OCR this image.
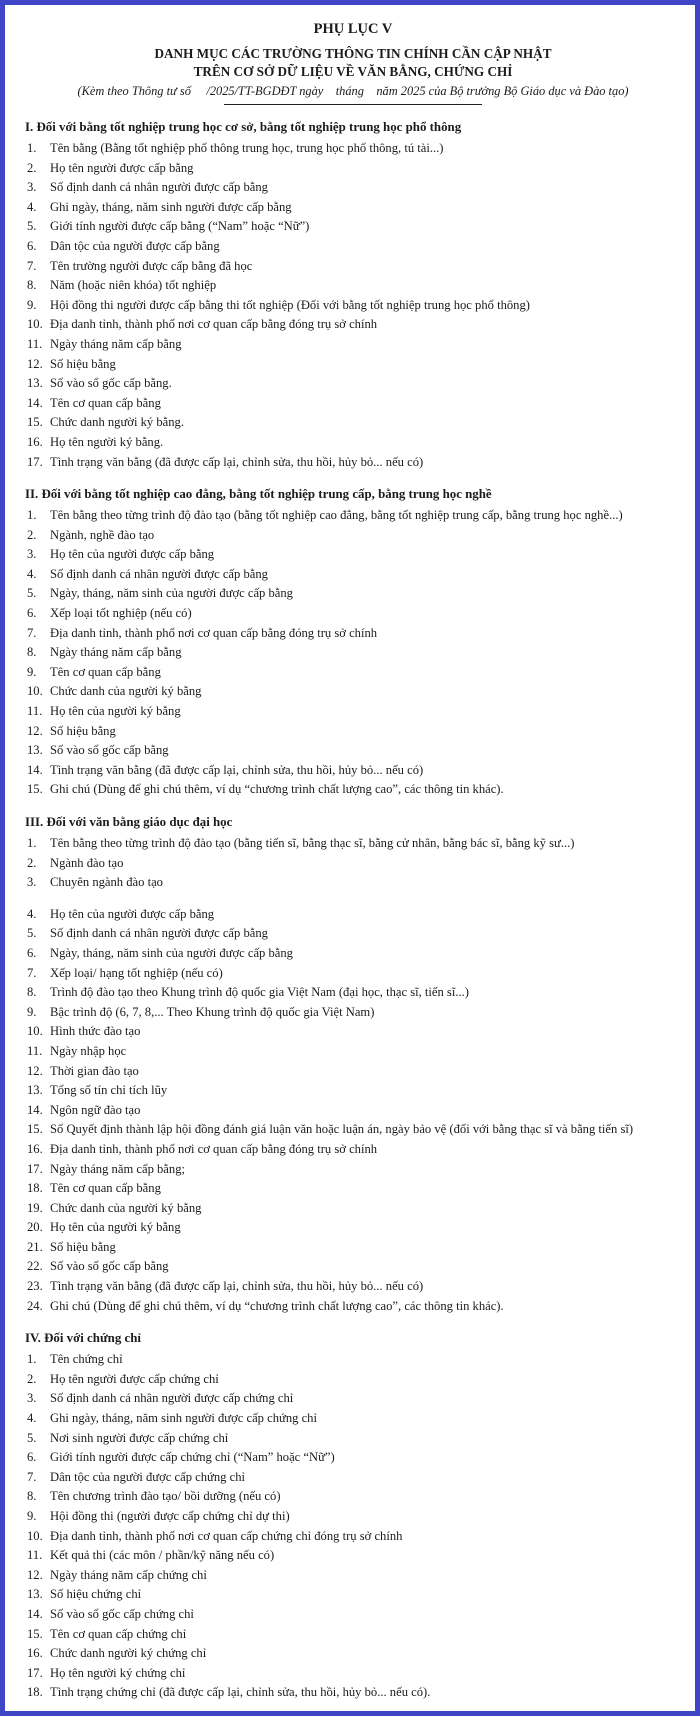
PHỤ LỤC V
DANH MỤC CÁC TRƯỜNG THÔNG TIN CHÍNH CẦN CẬP NHẬT
TRÊN CƠ SỞ DỮ LIỆU VỀ VĂN BẰNG, CHỨNG CHỈ
(Kèm theo Thông tư số     /2025/TT-BGDĐT ngày    tháng    năm 2025 của Bộ trưởng Bộ Giáo dục và Đào tạo)
I. Đối với bằng tốt nghiệp trung học cơ sở, bằng tốt nghiệp trung học phổ thông
1.	Tên bằng (Bằng tốt nghiệp phổ thông trung học, trung học phổ thông, tú tài...)
2.	Họ tên người được cấp bằng
3.	Số định danh cá nhân người được cấp bằng
4.	Ghi ngày, tháng, năm sinh người được cấp bằng
5.	Giới tính người được cấp bằng (“Nam” hoặc “Nữ”)
6.	Dân tộc của người được cấp bằng
7.	Tên trường người được cấp bằng đã học
8.	Năm (hoặc niên khóa) tốt nghiệp
9.	Hội đồng thi người được cấp bằng thi tốt nghiệp (Đối với bằng tốt nghiệp trung học phổ thông)
10. Địa danh tỉnh, thành phố nơi cơ quan cấp bằng đóng trụ sở chính
11. Ngày tháng năm cấp bằng
12. Số hiệu bằng
13. Số vào sổ gốc cấp bằng.
14. Tên cơ quan cấp bằng
15. Chức danh người ký bằng.
16. Họ tên người ký bằng.
17. Tình trạng văn bằng (đã được cấp lại, chỉnh sửa, thu hồi, hủy bỏ... nếu có)
II. Đối với bằng tốt nghiệp cao đẳng, bằng tốt nghiệp trung cấp, bằng trung học nghề
1.	Tên bằng theo từng trình độ đào tạo (bằng tốt nghiệp cao đẳng, bằng tốt nghiệp trung cấp, bằng trung học nghề...)
2.	Ngành, nghề đào tạo
3.	Họ tên của người được cấp bằng
4.	Số định danh cá nhân người được cấp bằng
5.	Ngày, tháng, năm sinh của người được cấp bằng
6.	Xếp loại tốt nghiệp (nếu có)
7.	Địa danh tỉnh, thành phố nơi cơ quan cấp bằng đóng trụ sở chính
8.	Ngày tháng năm cấp bằng
9.	Tên cơ quan cấp bằng
10. Chức danh của người ký bằng
11. Họ tên của người ký bằng
12. Số hiệu bằng
13. Số vào sổ gốc cấp bằng
14. Tình trạng văn bằng (đã được cấp lại, chỉnh sửa, thu hồi, hủy bỏ... nếu có)
15. Ghi chú (Dùng để ghi chú thêm, ví dụ “chương trình chất lượng cao”, các thông tin khác).
III. Đối với văn bằng giáo dục đại học
1.	Tên bằng theo từng trình độ đào tạo (bằng tiến sĩ, bằng thạc sĩ, bằng cử nhân, bằng bác sĩ, bằng kỹ sư...)
2.	Ngành đào tạo
3.	Chuyên ngành đào tạo
4.	Họ tên của người được cấp bằng
5.	Số định danh cá nhân người được cấp bằng
6.	Ngày, tháng, năm sinh của người được cấp bằng
7.	Xếp loại/ hạng tốt nghiệp (nếu có)
8.	Trình độ đào tạo theo Khung trình độ quốc gia Việt Nam (đại học, thạc sĩ, tiến sĩ...)
9.	Bậc trình độ (6, 7, 8,... Theo Khung trình độ quốc gia Việt Nam)
10. Hình thức đào tạo
11. Ngày nhập học
12. Thời gian đào tạo
13. Tổng số tín chỉ tích lũy
14. Ngôn ngữ đào tạo
15. Số Quyết định thành lập hội đồng đánh giá luận văn hoặc luận án, ngày bảo vệ (đối với bằng thạc sĩ và bằng tiến sĩ)
16. Địa danh tỉnh, thành phố nơi cơ quan cấp bằng đóng trụ sở chính
17. Ngày tháng năm cấp bằng;
18. Tên cơ quan cấp bằng
19. Chức danh của người ký bằng
20. Họ tên của người ký bằng
21. Số hiệu bằng
22. Số vào sổ gốc cấp bằng
23. Tình trạng văn bằng (đã được cấp lại, chỉnh sửa, thu hồi, hủy bỏ... nếu có)
24. Ghi chú (Dùng để ghi chú thêm, ví dụ “chương trình chất lượng cao”, các thông tin khác).
IV. Đối với chứng chỉ
1.	Tên chứng chỉ
2.	Họ tên người được cấp chứng chỉ
3.	Số định danh cá nhân người được cấp chứng chỉ
4.	Ghi ngày, tháng, năm sinh người được cấp chứng chỉ
5.	Nơi sinh người được cấp chứng chỉ
6.	Giới tính người được cấp chứng chỉ (“Nam” hoặc “Nữ”)
7.	Dân tộc của người được cấp chứng chỉ
8.	Tên chương trình đào tạo/ bồi dưỡng (nếu có)
9.	Hội đồng thi (người được cấp chứng chỉ dự thi)
10. Địa danh tỉnh, thành phố nơi cơ quan cấp chứng chỉ đóng trụ sở chính
11. Kết quả thi (các môn / phần/kỹ năng nếu có)
12. Ngày tháng năm cấp chứng chỉ
13. Số hiệu chứng chỉ
14. Số vào sổ gốc cấp chứng chỉ
15. Tên cơ quan cấp chứng chỉ
16. Chức danh người ký chứng chỉ
17. Họ tên người ký chứng chỉ
18. Tình trạng chứng chỉ (đã được cấp lại, chỉnh sửa, thu hồi, hủy bỏ... nếu có).
